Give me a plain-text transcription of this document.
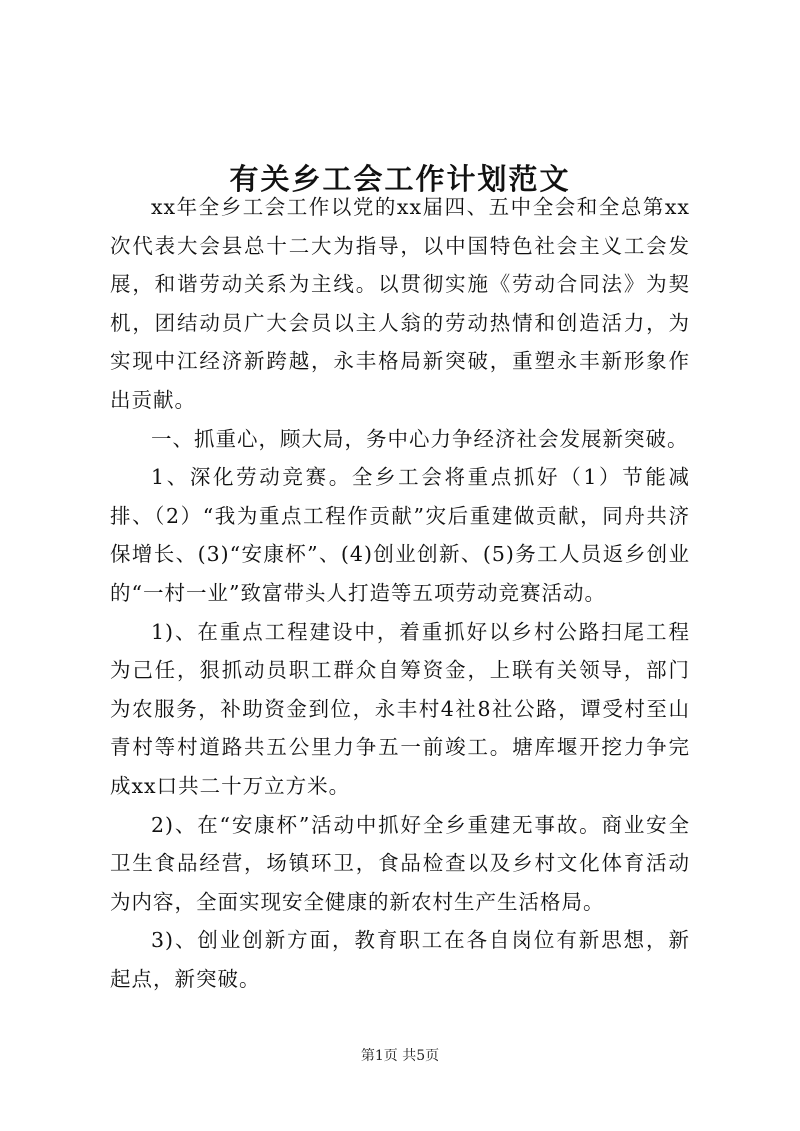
有关乡工会工作计划范文

xx年全乡工会工作以党的xx届四、五中全会和全总第xx次代表大会县总十二大为指导，以中国特色社会主义工会发展，和谐劳动关系为主线。以贯彻实施《劳动合同法》为契机，团结动员广大会员以主人翁的劳动热情和创造活力，为实现中江经济新跨越，永丰格局新突破，重塑永丰新形象作出贡献。

一、抓重心，顾大局，务中心力争经济社会发展新突破。

1、深化劳动竞赛。全乡工会将重点抓好（1）节能减排、（2）“我为重点工程作贡献”灾后重建做贡献，同舟共济保增长、(3)“安康杯”、(4)创业创新、(5)务工人员返乡创业的“一村一业”致富带头人打造等五项劳动竞赛活动。

1)、在重点工程建设中，着重抓好以乡村公路扫尾工程为己任，狠抓动员职工群众自筹资金，上联有关领导，部门为农服务，补助资金到位，永丰村4社8社公路，谭受村至山青村等村道路共五公里力争五一前竣工。塘库堰开挖力争完成xx口共二十万立方米。

2)、在“安康杯”活动中抓好全乡重建无事故。商业安全卫生食品经营，场镇环卫，食品检查以及乡村文化体育活动为内容，全面实现安全健康的新农村生产生活格局。

3)、创业创新方面，教育职工在各自岗位有新思想，新起点，新突破。

第1页 共5页
